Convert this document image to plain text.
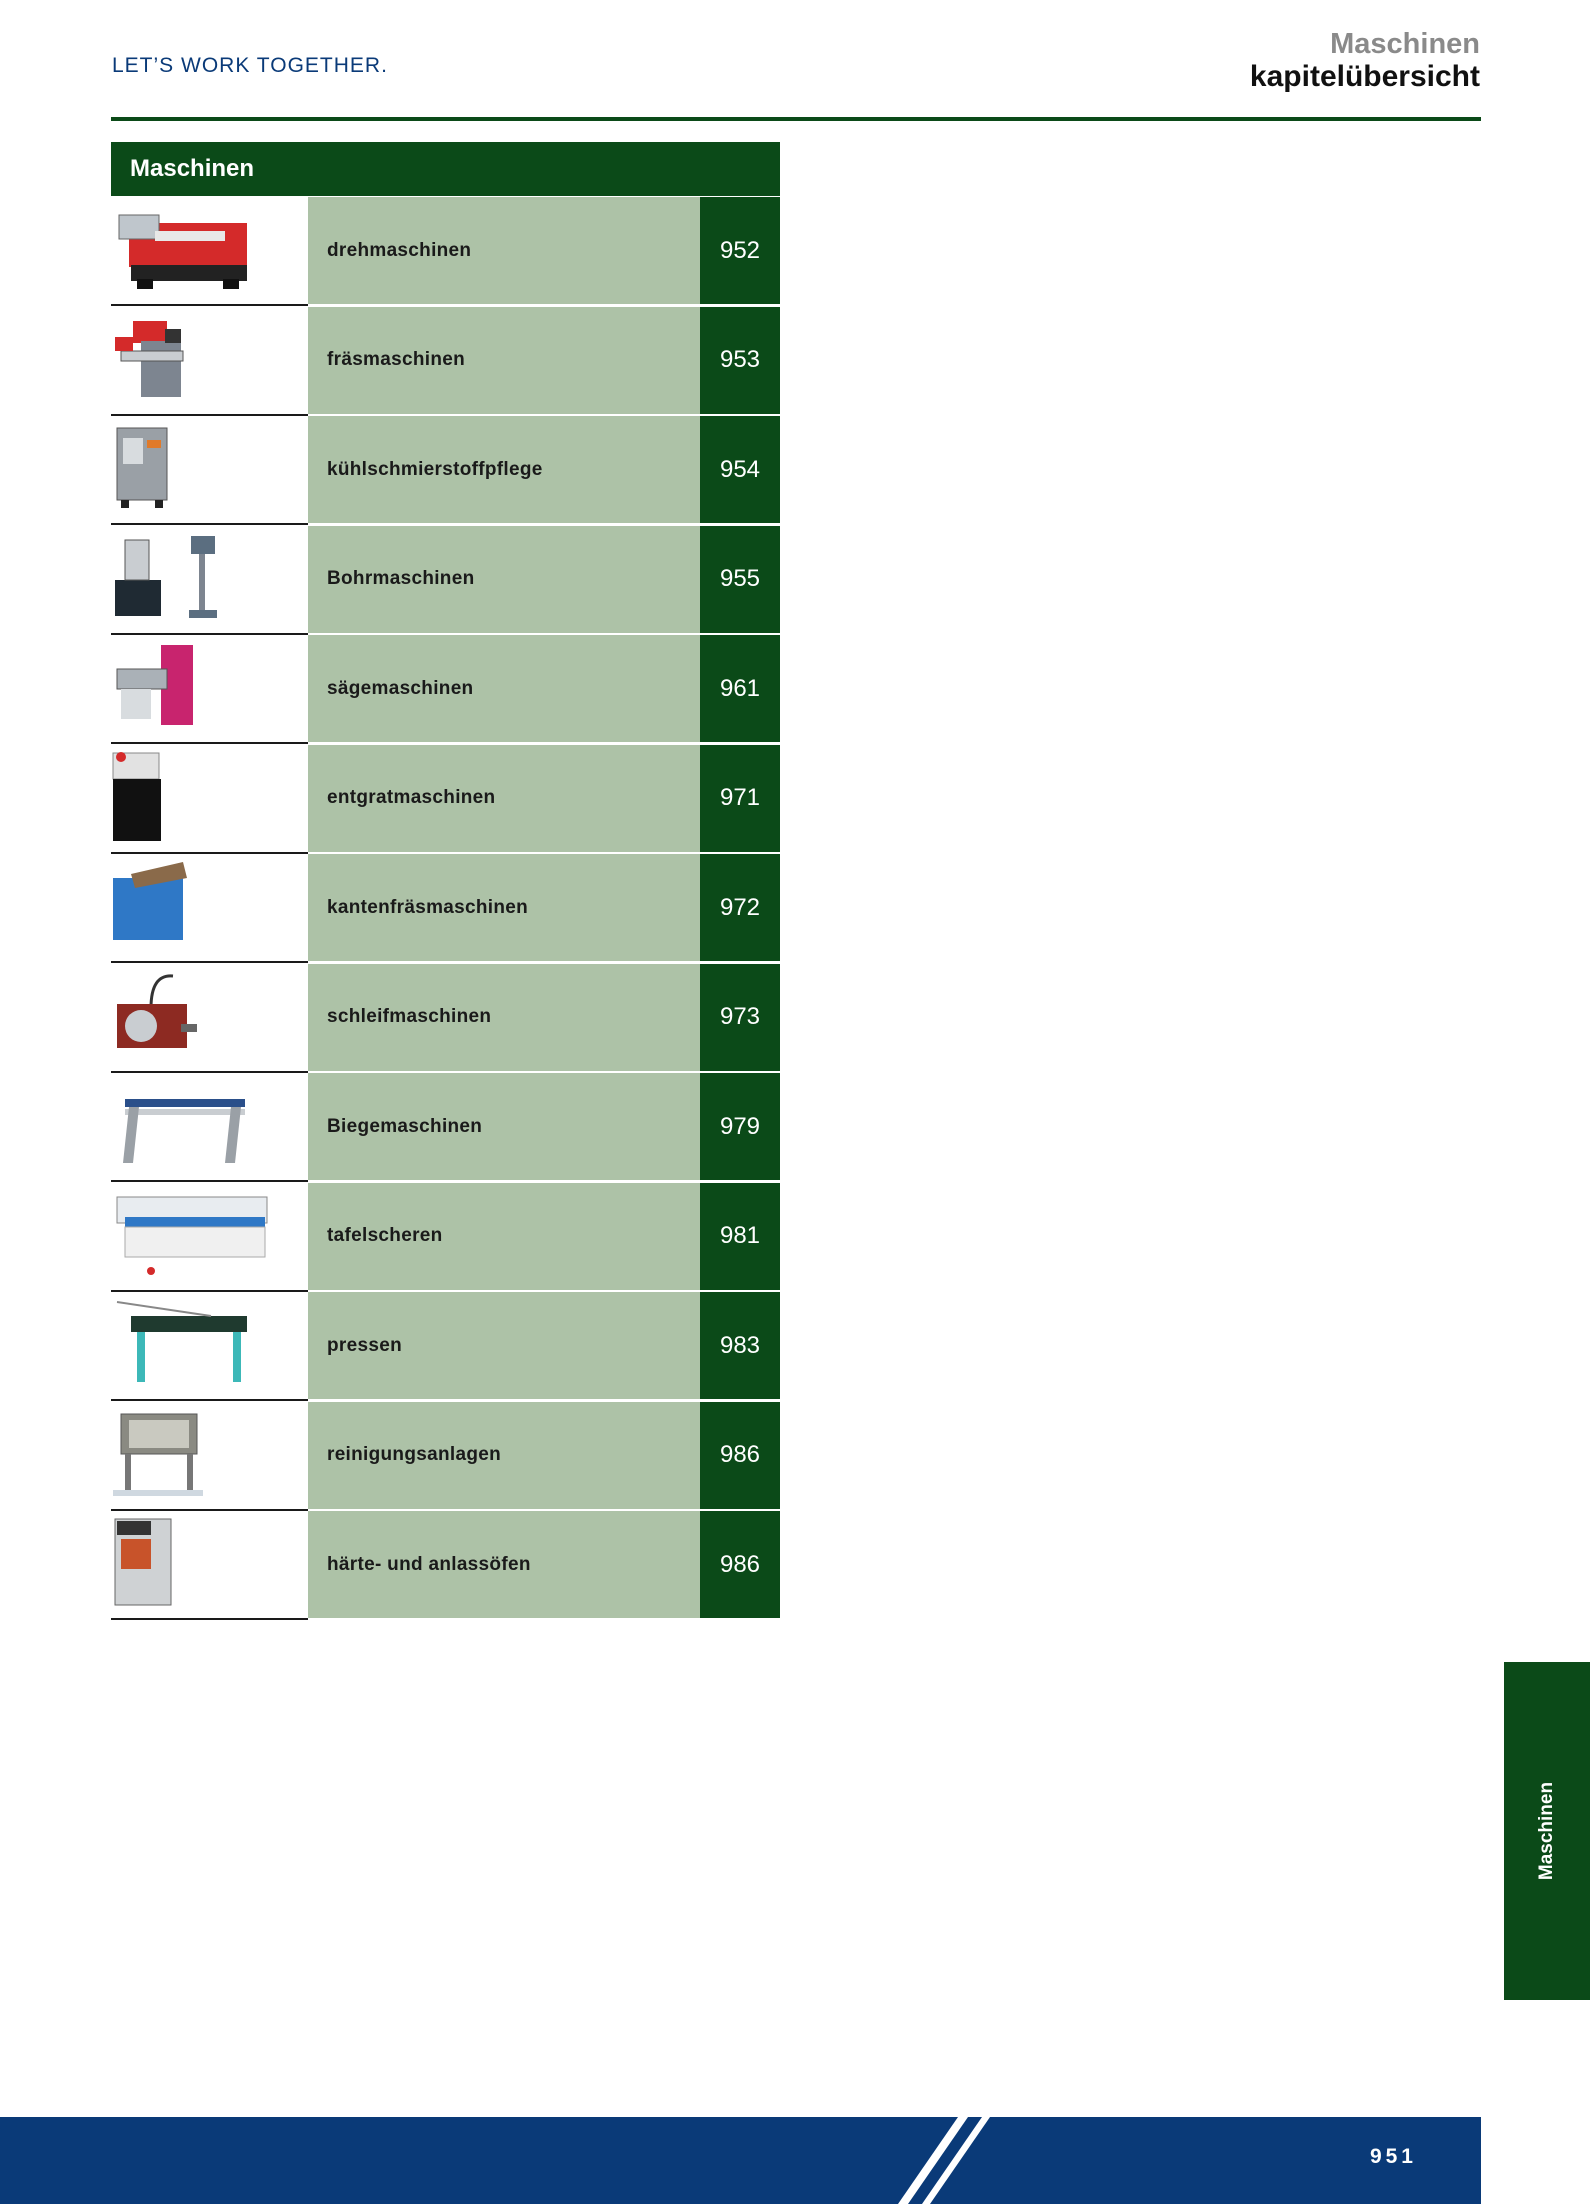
LET’S WORK TOGETHER.
Maschinen
kapitelübersicht
Maschinen
drehmaschinen	952
fräsmaschinen	953
kühlschmierstoffpflege	954
Bohrmaschinen	955
sägemaschinen	961
entgratmaschinen	971
kantenfräsmaschinen	972
schleifmaschinen	973
Biegemaschinen	979
tafelscheren	981
pressen	983
reinigungsanlagen	986
härte- und anlassöfen	986
Maschinen
951
